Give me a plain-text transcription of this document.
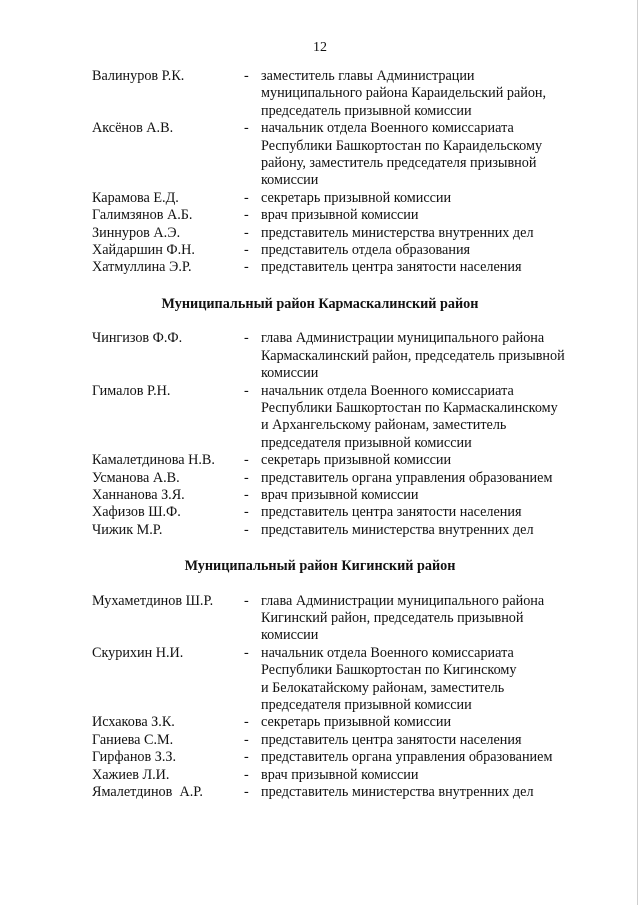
12
Валинуров Р.К.	- заместитель главы Администрации
муниципального района Караидельский район,
председатель призывной комиссии
Аксёнов А.В.	- начальник отдела Военного комиссариата
Республики Башкортостан по Караидельскому
району, заместитель председателя призывной
комиссии
Карамова Е.Д.	- секретарь призывной комиссии
Галимзянов А.Б.	- врач призывной комиссии
Зиннуров А.Э.	- представитель министерства внутренних дел
Хайдаршин Ф.Н.	- представитель отдела образования
Хатмуллина Э.Р.	- представитель центра занятости населения
Муниципальный район Кармаскалинский район
Чингизов Ф.Ф.	- глава Администрации муниципального района
Кармаскалинский район, председатель призывной
комиссии
Гималов Р.Н.	- начальник отдела Военного комиссариата
Республики Башкортостан по Кармаскалинскому
и Архангельскому районам, заместитель
председателя призывной комиссии
Камалетдинова Н.В.	- секретарь призывной комиссии
Усманова А.В.	- представитель органа управления образованием
Ханнанова З.Я.	- врач призывной комиссии
Хафизов Ш.Ф.	- представитель центра занятости населения
Чижик М.Р.	- представитель министерства внутренних дел
Муниципальный район Кигинский район
Мухаметдинов Ш.Р.	- глава Администрации муниципального района
Кигинский район, председатель призывной
комиссии
Скурихин Н.И.	- начальник отдела Военного комиссариата
Республики Башкортостан по Кигинскому
и Белокатайскому районам, заместитель
председателя призывной комиссии
Исхакова З.К.	- секретарь призывной комиссии
Ганиева С.М.	- представитель центра занятости населения
Гирфанов З.З.	- представитель органа управления образованием
Хажиев Л.И.	- врач призывной комиссии
Ямалетдинов  А.Р.	- представитель министерства внутренних дел
